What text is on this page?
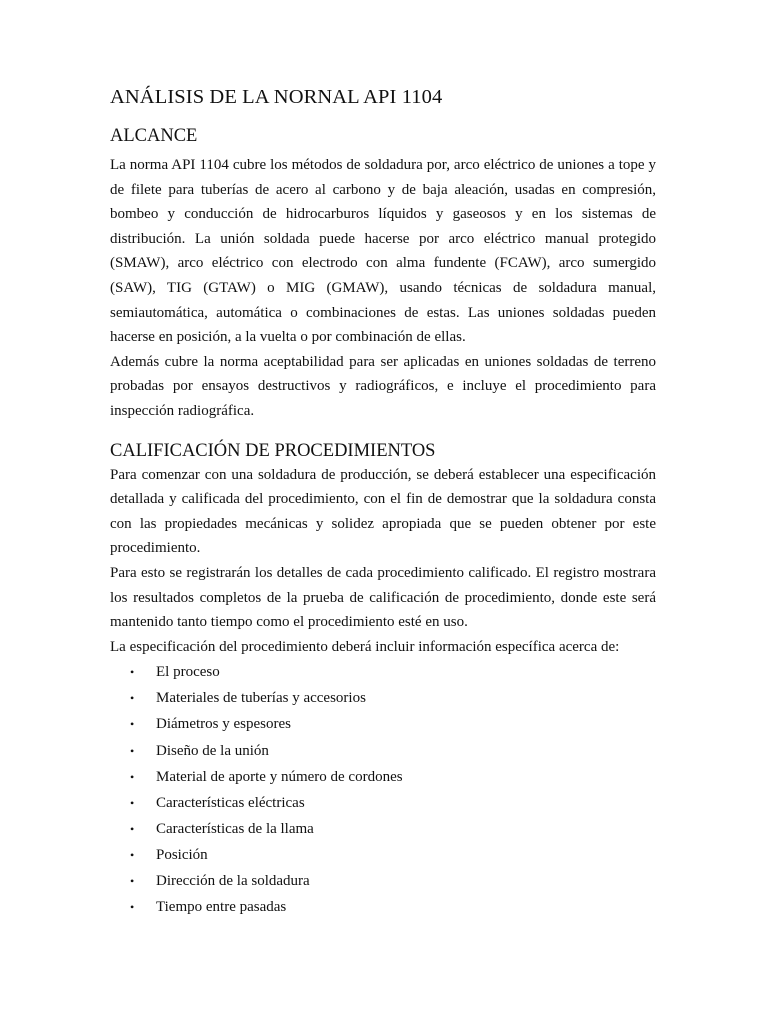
ANÁLISIS DE LA NORNAL API 1104
ALCANCE

La norma API 1104 cubre los métodos de soldadura por, arco eléctrico de uniones a tope y de filete para tuberías de acero al carbono y de baja aleación, usadas en compresión, bombeo y conducción de hidrocarburos líquidos y gaseosos y en los sistemas de distribución. La unión soldada puede hacerse por arco eléctrico manual protegido (SMAW), arco eléctrico con electrodo con alma fundente (FCAW), arco sumergido (SAW), TIG (GTAW) o MIG (GMAW), usando técnicas de soldadura manual, semiautomática, automática o combinaciones de estas. Las uniones soldadas pueden hacerse en posición, a la vuelta o por combinación de ellas.

Además cubre la norma aceptabilidad para ser aplicadas en uniones soldadas de terreno probadas por ensayos destructivos y radiográficos, e incluye el procedimiento para inspección radiográfica.

CALIFICACIÓN DE PROCEDIMIENTOS

Para comenzar con una soldadura de producción, se deberá establecer una especificación detallada y calificada del procedimiento, con el fin de demostrar que la soldadura consta con las propiedades mecánicas y solidez apropiada que se pueden obtener por este procedimiento.

Para esto se registrarán los detalles de cada procedimiento calificado. El registro mostrara los resultados completos de la prueba de calificación de procedimiento, donde este será mantenido tanto tiempo como el procedimiento esté en uso.

La especificación del procedimiento deberá incluir información específica acerca de:

• El proceso
• Materiales de tuberías y accesorios
• Diámetros y espesores
• Diseño de la unión
• Material de aporte y número de cordones
• Características eléctricas
• Características de la llama
• Posición
• Dirección de la soldadura
• Tiempo entre pasadas
